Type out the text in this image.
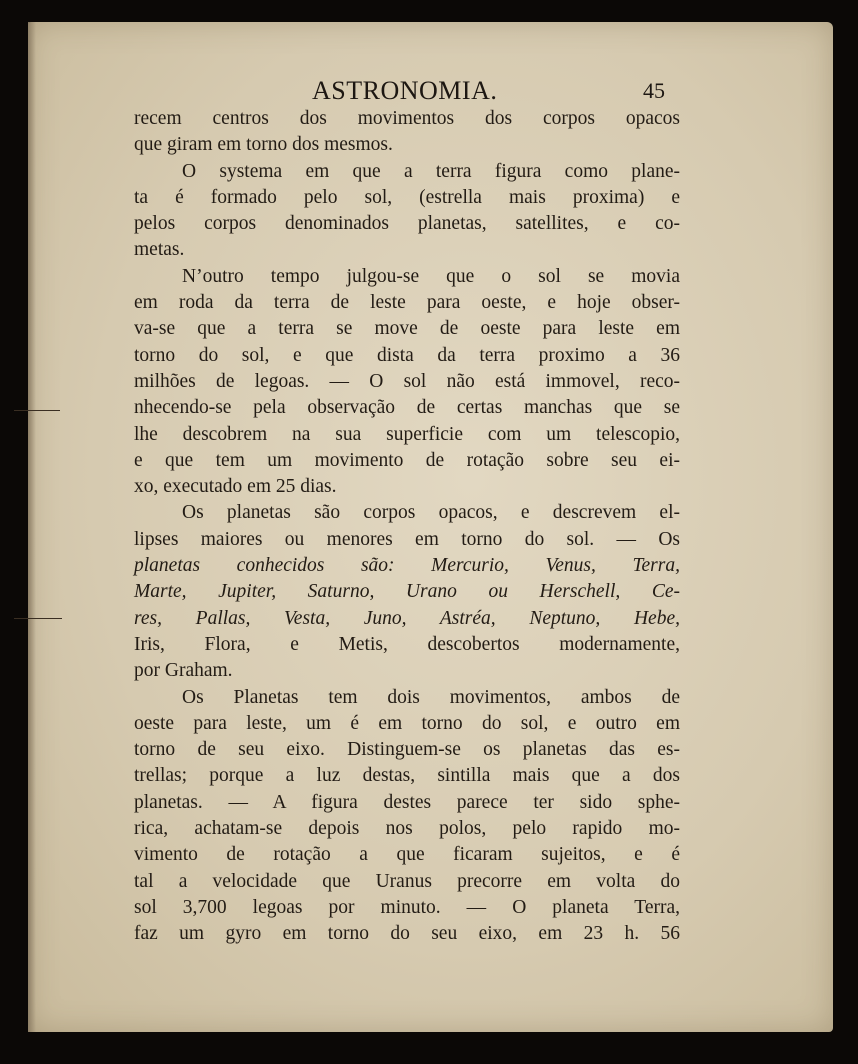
ASTRONOMIA.	45
recem centros dos movimentos dos corpos opacos
que giram em torno dos mesmos.
O systema em que a terra figura como plane-
ta é formado pelo sol, (estrella mais proxima) e
pelos corpos denominados planetas, satellites, e co-
metas.
N’outro tempo julgou-se que o sol se movia
em roda da terra de leste para oeste, e hoje obser-
va-se que a terra se move de oeste para leste em
torno do sol, e que dista da terra proximo a 36
milhões de legoas. — O sol não está immovel, reco-
nhecendo-se pela observação de certas manchas que se
lhe descobrem na sua superficie com um telescopio,
e que tem um movimento de rotação sobre seu ei-
xo, executado em 25 dias.
Os planetas são corpos opacos, e descrevem el-
lipses maiores ou menores em torno do sol. — Os
planetas conhecidos são: Mercurio, Venus, Terra,
Marte, Jupiter, Saturno, Urano ou Herschell, Ce-
res, Pallas, Vesta, Juno, Astréa, Neptuno, Hebe,
Iris, Flora, e Metis, descobertos modernamente,
por Graham.
Os Planetas tem dois movimentos, ambos de
oeste para leste, um é em torno do sol, e outro em
torno de seu eixo. Distinguem-se os planetas das es-
trellas; porque a luz destas, sintilla mais que a dos
planetas. — A figura destes parece ter sido sphe-
rica, achatam-se depois nos polos, pelo rapido mo-
vimento de rotação a que ficaram sujeitos, e é
tal a velocidade que Uranus precorre em volta do
sol 3,700 legoas por minuto. — O planeta Terra,
faz um gyro em torno do seu eixo, em 23 h. 56
